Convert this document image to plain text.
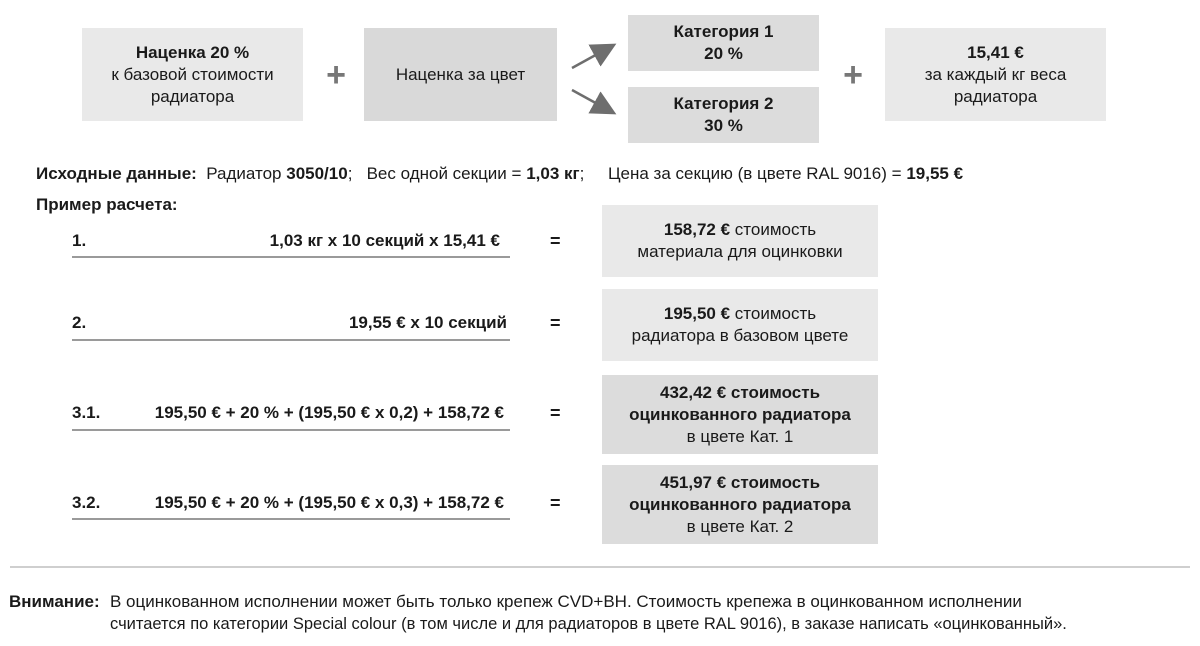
Наценка 20 %
к базовой стоимости
радиатора
+	Наценка за цвет
Категория 1
20 %
Категория 2
30 %
+
15,41 €
за каждый кг веса
радиатора
Исходные данные: Радиатор 3050/10; Вес одной секции = 1,03 кг; Цена за секцию (в цвете RAL 9016) = 19,55 €
Пример расчета:
1.	1,03 кг x 10 секций x 15,41 €	=
158,72 € стоимость
материала для оцинковки
2.	19,55 € x 10 секций =	195,50 € стоимость
радиатора в базовом цвете
3.1.	195,50 € + 20 % + (195,50 € x 0,2) + 158,72 €	=
432,42 € стоимость
оцинкованного радиатора
в цвете Кат. 1
3.2.	195,50 € + 20 % + (195,50 € x 0,3) + 158,72 €	=
451,97 € стоимость
оцинкованного радиатора
в цвете Кат. 2
Внимание: В оцинкованном исполнении может быть только крепеж CVD+BH. Стоимость крепежа в оцинкованном исполнении
считается по категории Special colour (в том числе и для радиаторов в цвете RAL 9016), в заказе написать «оцинкованный».
